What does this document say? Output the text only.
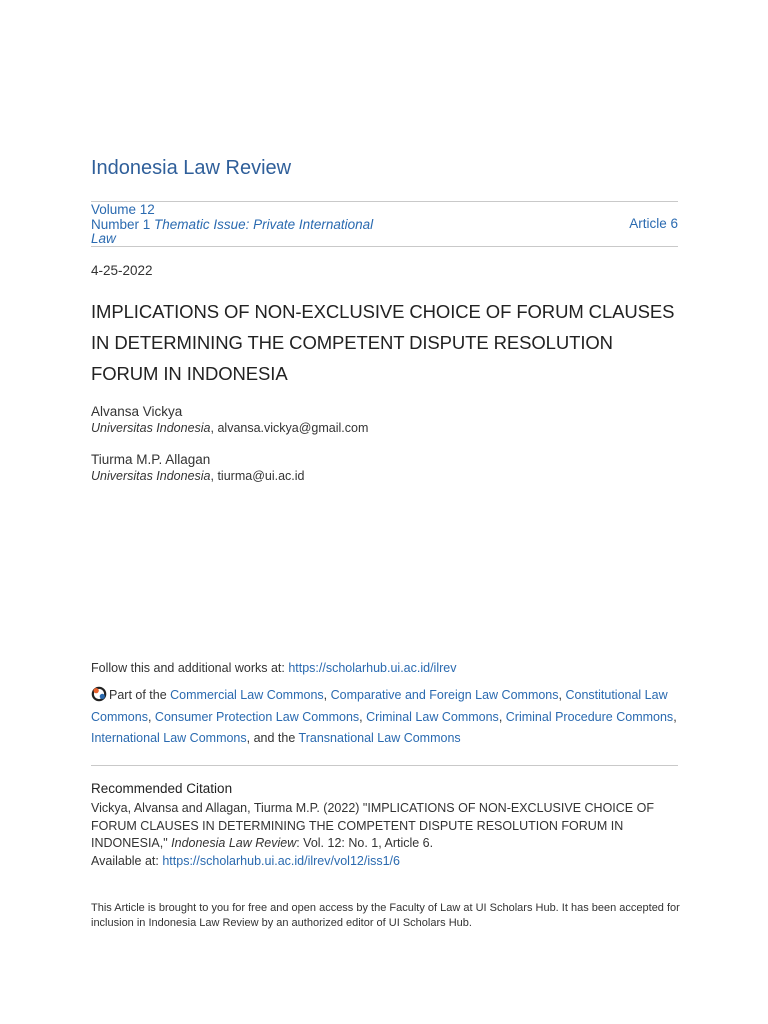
Indonesia Law Review
Volume 12
Number 1 Thematic Issue: Private International Law
Article 6
4-25-2022
IMPLICATIONS OF NON-EXCLUSIVE CHOICE OF FORUM CLAUSES IN DETERMINING THE COMPETENT DISPUTE RESOLUTION FORUM IN INDONESIA
Alvansa Vickya
Universitas Indonesia, alvansa.vickya@gmail.com
Tiurma M.P. Allagan
Universitas Indonesia, tiurma@ui.ac.id
Follow this and additional works at: https://scholarhub.ui.ac.id/ilrev
Part of the Commercial Law Commons, Comparative and Foreign Law Commons, Constitutional Law Commons, Consumer Protection Law Commons, Criminal Law Commons, Criminal Procedure Commons, International Law Commons, and the Transnational Law Commons
Recommended Citation
Vickya, Alvansa and Allagan, Tiurma M.P. (2022) "IMPLICATIONS OF NON-EXCLUSIVE CHOICE OF FORUM CLAUSES IN DETERMINING THE COMPETENT DISPUTE RESOLUTION FORUM IN INDONESIA," Indonesia Law Review: Vol. 12: No. 1, Article 6.
Available at: https://scholarhub.ui.ac.id/ilrev/vol12/iss1/6
This Article is brought to you for free and open access by the Faculty of Law at UI Scholars Hub. It has been accepted for inclusion in Indonesia Law Review by an authorized editor of UI Scholars Hub.
